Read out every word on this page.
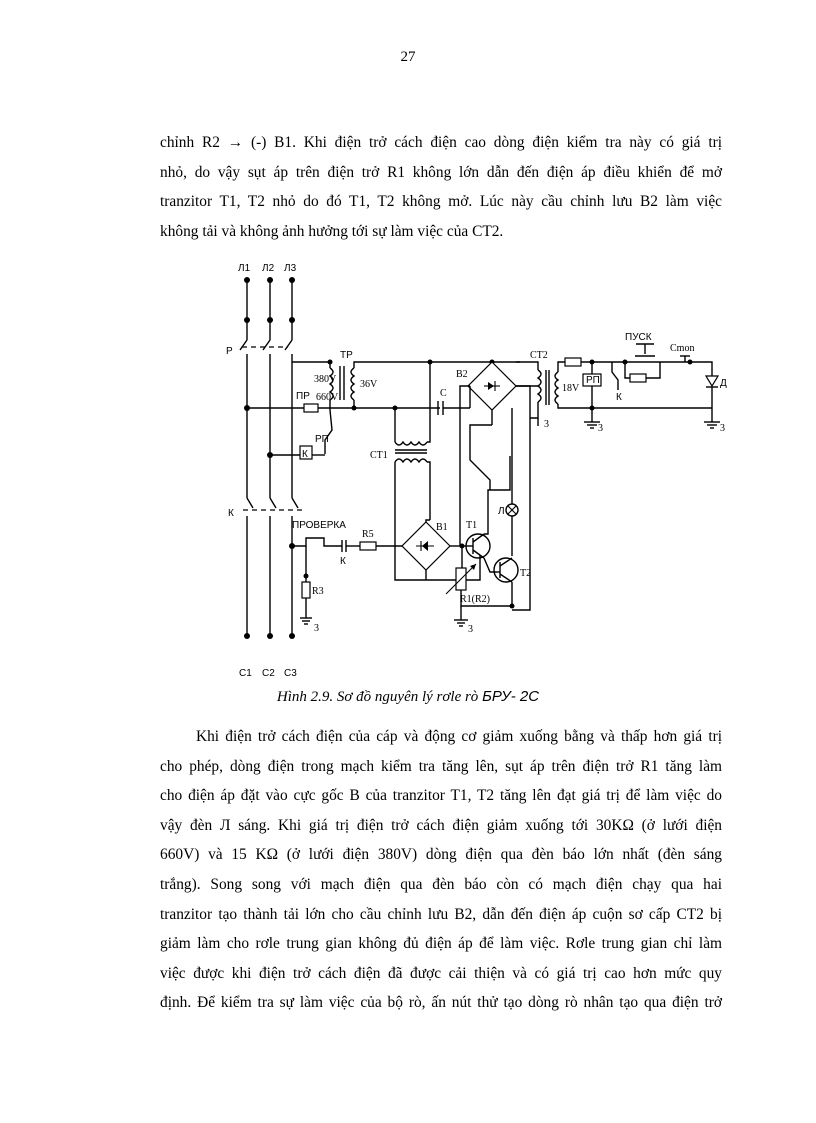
27
chỉnh R2 → (-) B1. Khi điện trở cách điện cao dòng điện kiểm tra này có giá trị
nhỏ, do vậy sụt áp trên điện trở R1 không lớn dẫn đến điện áp điều khiển để mở
tranzitor T1, T2 nhỏ do đó T1, T2 không mở. Lúc này cầu chỉnh lưu B2 làm việc
không tải và không ảnh hưởng tới sự làm việc của CT2.
Л1 Л2 Л3
Р	ТР
380V
660V
36V
ПР
РП
К
C
CT1
B2
CT2
18V
РП
3
3
ПУСК
Cmon
К
Д
3
К
ПРОВЕРКА
К
R5
R3
3
B1 T1
Л
T2
R1(R2)
3
C1 C2 C3
Hình 2.9. Sơ đồ nguyên lý rơle rò БРУ- 2С
Khi điện trở cách điện của cáp và động cơ giảm xuống bằng và thấp hơn giá trị
cho phép, dòng điện trong mạch kiểm tra tăng lên, sụt áp trên điện trở R1 tăng làm
cho điện áp đặt vào cực gốc B của tranzitor T1, T2 tăng lên đạt giá trị để làm việc do
vậy đèn Л sáng. Khi giá trị điện trở cách điện giảm xuống tới 30KΩ (ở lưới điện
660V) và 15 KΩ (ở lưới điện 380V) dòng điện qua đèn báo lớn nhất (đèn sáng
trắng). Song song với mạch điện qua đèn báo còn có mạch điện chạy qua hai
tranzitor tạo thành tải lớn cho cầu chỉnh lưu B2, dẫn đến điện áp cuộn sơ cấp CT2 bị
giảm làm cho rơle trung gian không đủ điện áp để làm việc. Rơle trung gian chỉ làm
việc được khi điện trở cách điện đã được cải thiện và có giá trị cao hơn mức quy
định. Để kiểm tra sự làm việc của bộ rò, ấn nút thử tạo dòng rò nhân tạo qua điện trở
